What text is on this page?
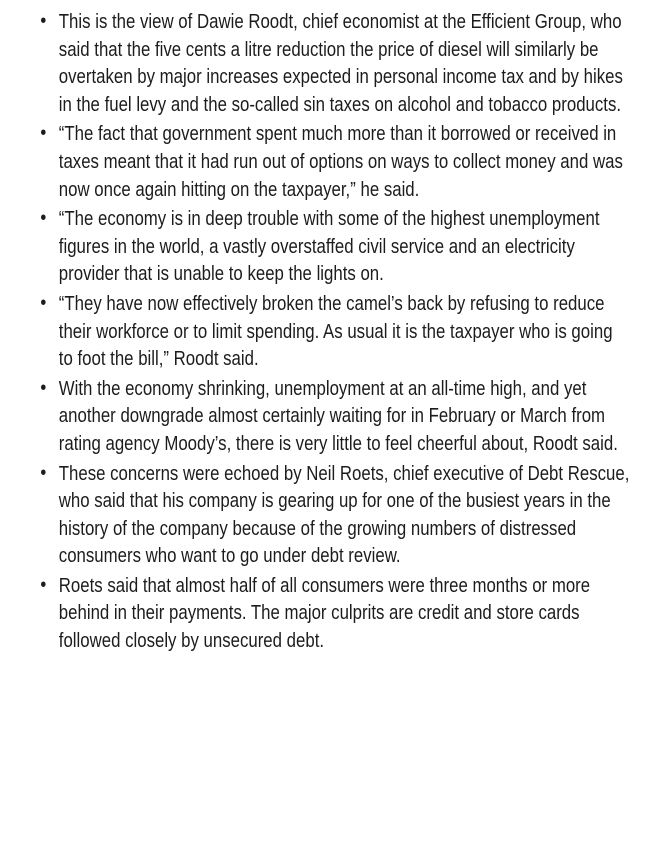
• This is the view of Dawie Roodt, chief economist at the Efficient Group, who said that the five cents a litre reduction the price of diesel will similarly be overtaken by major increases expected in personal income tax and by hikes in the fuel levy and the so-called sin taxes on alcohol and tobacco products.
• “The fact that government spent much more than it borrowed or received in taxes meant that it had run out of options on ways to collect money and was now once again hitting on the taxpayer,” he said.
• “The economy is in deep trouble with some of the highest unemployment figures in the world, a vastly overstaffed civil service and an electricity provider that is unable to keep the lights on.
• “They have now effectively broken the camel’s back by refusing to reduce their workforce or to limit spending. As usual it is the taxpayer who is going to foot the bill,” Roodt said.
• With the economy shrinking, unemployment at an all-time high, and yet another downgrade almost certainly waiting for in February or March from rating agency Moody’s, there is very little to feel cheerful about, Roodt said.
• These concerns were echoed by Neil Roets, chief executive of Debt Rescue, who said that his company is gearing up for one of the busiest years in the history of the company because of the growing numbers of distressed consumers who want to go under debt review.
• Roets said that almost half of all consumers were three months or more behind in their payments. The major culprits are credit and store cards followed closely by unsecured debt.
